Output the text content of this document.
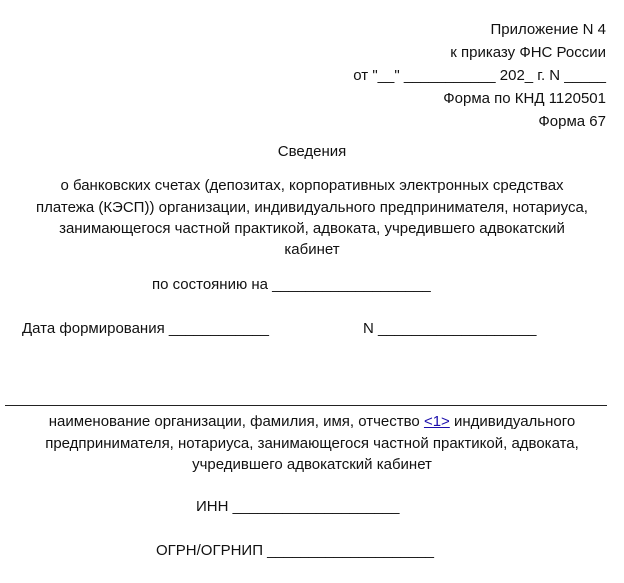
Приложение N 4
к приказу ФНС России
от "__" ___________ 202_ г. N _____
Форма по КНД 1120501
Форма 67
Сведения
о банковских счетах (депозитах, корпоративных электронных средствах
платежа (КЭСП)) организации, индивидуального предпринимателя, нотариуса,
занимающегося частной практикой, адвоката, учредившего адвокатский
кабинет
по состоянию на ___________________
Дата формирования ____________	N ___________________
наименование организации, фамилия, имя, отчество <1> индивидуального
предпринимателя, нотариуса, занимающегося частной практикой, адвоката,
учредившего адвокатский кабинет
ИНН ____________________
ОГРН/ОГРНИП ____________________
